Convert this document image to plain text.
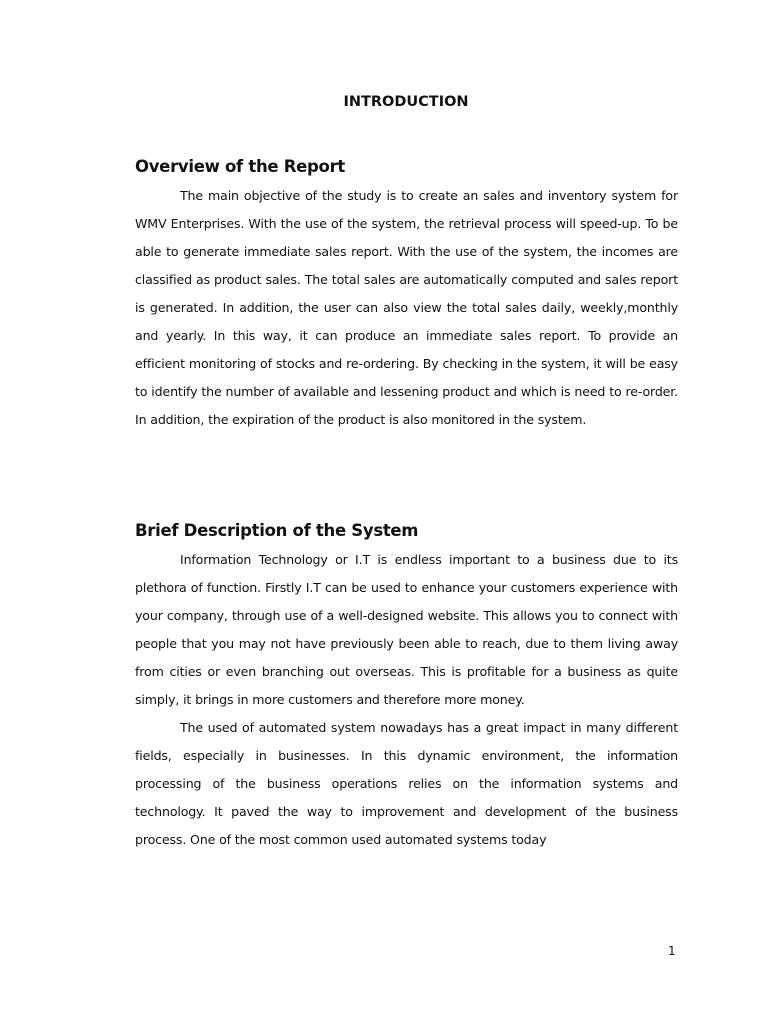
INTRODUCTION
Overview of the Report

The main objective of the study is to create an sales and inventory system for WMV Enterprises. With the use of the system, the retrieval process will speed-up. To be able to generate immediate sales report. With the use of the system, the incomes are classified as product sales. The total sales are automatically computed and sales report is generated. In addition, the user can also view the total sales daily, weekly,monthly and yearly. In this way, it can produce an immediate sales report. To provide an efficient monitoring of stocks and re-ordering. By checking in the system, it will be easy to identify the number of available and lessening product and which is need to re-order. In addition, the expiration of the product is also monitored in the system.

Brief Description of the System

Information Technology or I.T is endless important to a business due to its plethora of function. Firstly I.T can be used to enhance your customers experience with your company, through use of a well-designed website. This allows you to connect with people that you may not have previously been able to reach, due to them living away from cities or even branching out overseas. This is profitable for a business as quite simply, it brings in more customers and therefore more money.

The used of automated system nowadays has a great impact in many different fields, especially in businesses. In this dynamic environment, the information processing of the business operations relies on the information systems and technology. It paved the way to improvement and development of the business process. One of the most common used automated systems today

1
